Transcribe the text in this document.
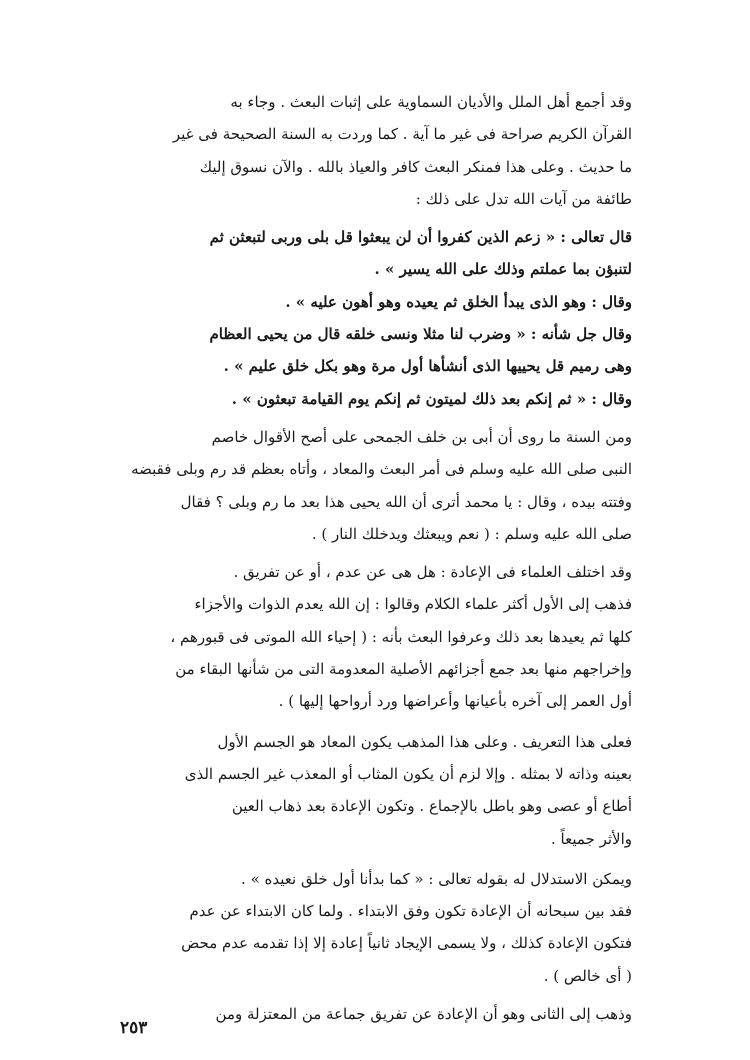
وقد أجمع أهل الملل والأديان السماوية على إثبات البعث . وجاء به

القرآن الكريم صراحة فى غير ما آية . كما وردت به السنة الصحيحة فى غير

ما حديث . وعلى هذا فمنكر البعث كافر والعياذ بالله . والآن نسوق إليك

طائفة من آيات الله تدل على ذلك :

قال تعالى : « زعم الذين كفروا أن لن يبعثوا قل بلى وربى لتبعثن ثم

لتنبؤن بما عملتم وذلك على الله يسير » .

وقال : وهو الذى يبدأ الخلق ثم يعيده وهو أهون عليه » .

وقال جل شأنه : « وضرب لنا مثلا ونسى خلقه قال من يحيى العظام

وهى رميم قل يحييها الذى أنشأها أول مرة وهو بكل خلق عليم » .

وقال : « ثم إنكم بعد ذلك لميتون ثم إنكم يوم القيامة تبعثون » .

ومن السنة ما روى أن أبى بن خلف الجمحى على أصح الأقوال خاصم

النبى صلى الله عليه وسلم فى أمر البعث والمعاد ، وأتاه بعظم قد رم وبلى فقبضه

وفتته بيده ، وقال : يا محمد أترى أن الله يحيى هذا بعد ما رم وبلى ؟ فقال

صلى الله عليه وسلم : ( نعم ويبعثك ويدخلك النار ) .

وقد اختلف العلماء فى الإعادة : هل هى عن عدم ، أو عن تفريق .

فذهب إلى الأول أكثر علماء الكلام وقالوا : إن الله يعدم الذوات والأجزاء

كلها ثم يعيدها بعد ذلك وعرفوا البعث بأنه : ( إحياء الله الموتى فى قبورهم ،

وإخراجهم منها بعد جمع أجزائهم الأصلية المعدومة التى من شأنها البقاء من

أول العمر إلى آخره بأعيانها وأعراضها ورد أرواحها إليها ) .

فعلى هذا التعريف . وعلى هذا المذهب يكون المعاد هو الجسم الأول

بعينه وذاته لا بمثله . وإلا لزم أن يكون المثاب أو المعذب غير الجسم الذى

أطاع أو عصى وهو باطل بالإجماع . وتكون الإعادة بعد ذهاب العين

والأثر جميعاً .

ويمكن الاستدلال له بقوله تعالى : « كما بدأنا أول خلق نعيده » .

فقد بين سبحانه أن الإعادة تكون وفق الابتداء . ولما كان الابتداء عن عدم

فتكون الإعادة كذلك ، ولا يسمى الإيجاد ثانياً إعادة إلا إذا تقدمه عدم محض

( أى خالص ) .

وذهب إلى الثانى وهو أن الإعادة عن تفريق جماعة من المعتزلة ومن

٢٥٣
